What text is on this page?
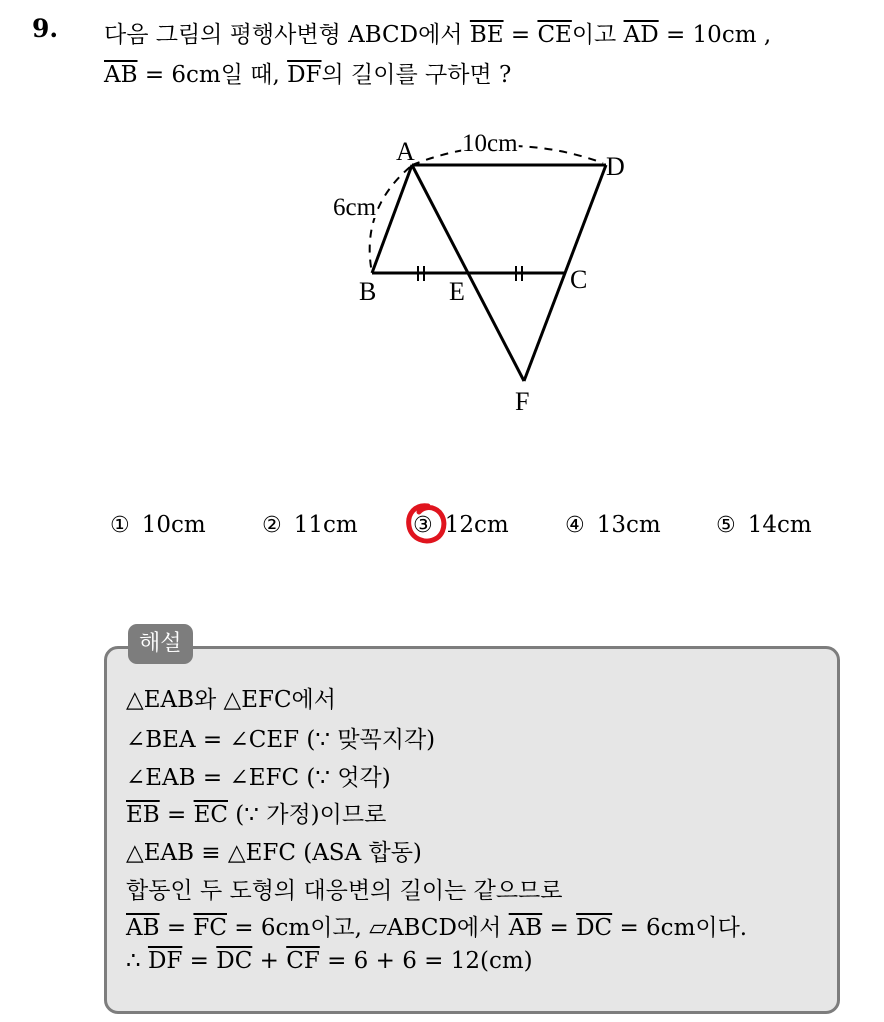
9. 다음 그림의 평행사변형 ABCD에서 $\overline{BE} = \overline{CE}$이고 $\overline{AD} = 10cm$ ,
$\overline{AB} = 6cm$일 때, $\overline{DF}$의 길이를 구하면 ?
A
D
B	E	C
F
10cm
6cm
① 10cm	② 11cm	③ 12cm	④ 13cm	⑤ 14cm
해설
△EAB와 △EFC에서
∠BEA = ∠CEF (∵ 맞꼭지각)
∠EAB = ∠EFC (∵ 엇각)
$\overline{EB} = \overline{EC}$ (∵ 가정)이므로
△EAB ≡ △EFC (ASA 합동)
합동인 두 도형의 대응변의 길이는 같으므로
$\overline{AB} = \overline{FC} = 6cm$이고, ▱ABCD에서 $\overline{AB} = \overline{DC} = 6cm$이다.
∴ $\overline{DF} = \overline{DC} + \overline{CF} = 6 + 6 = 12(cm)$
